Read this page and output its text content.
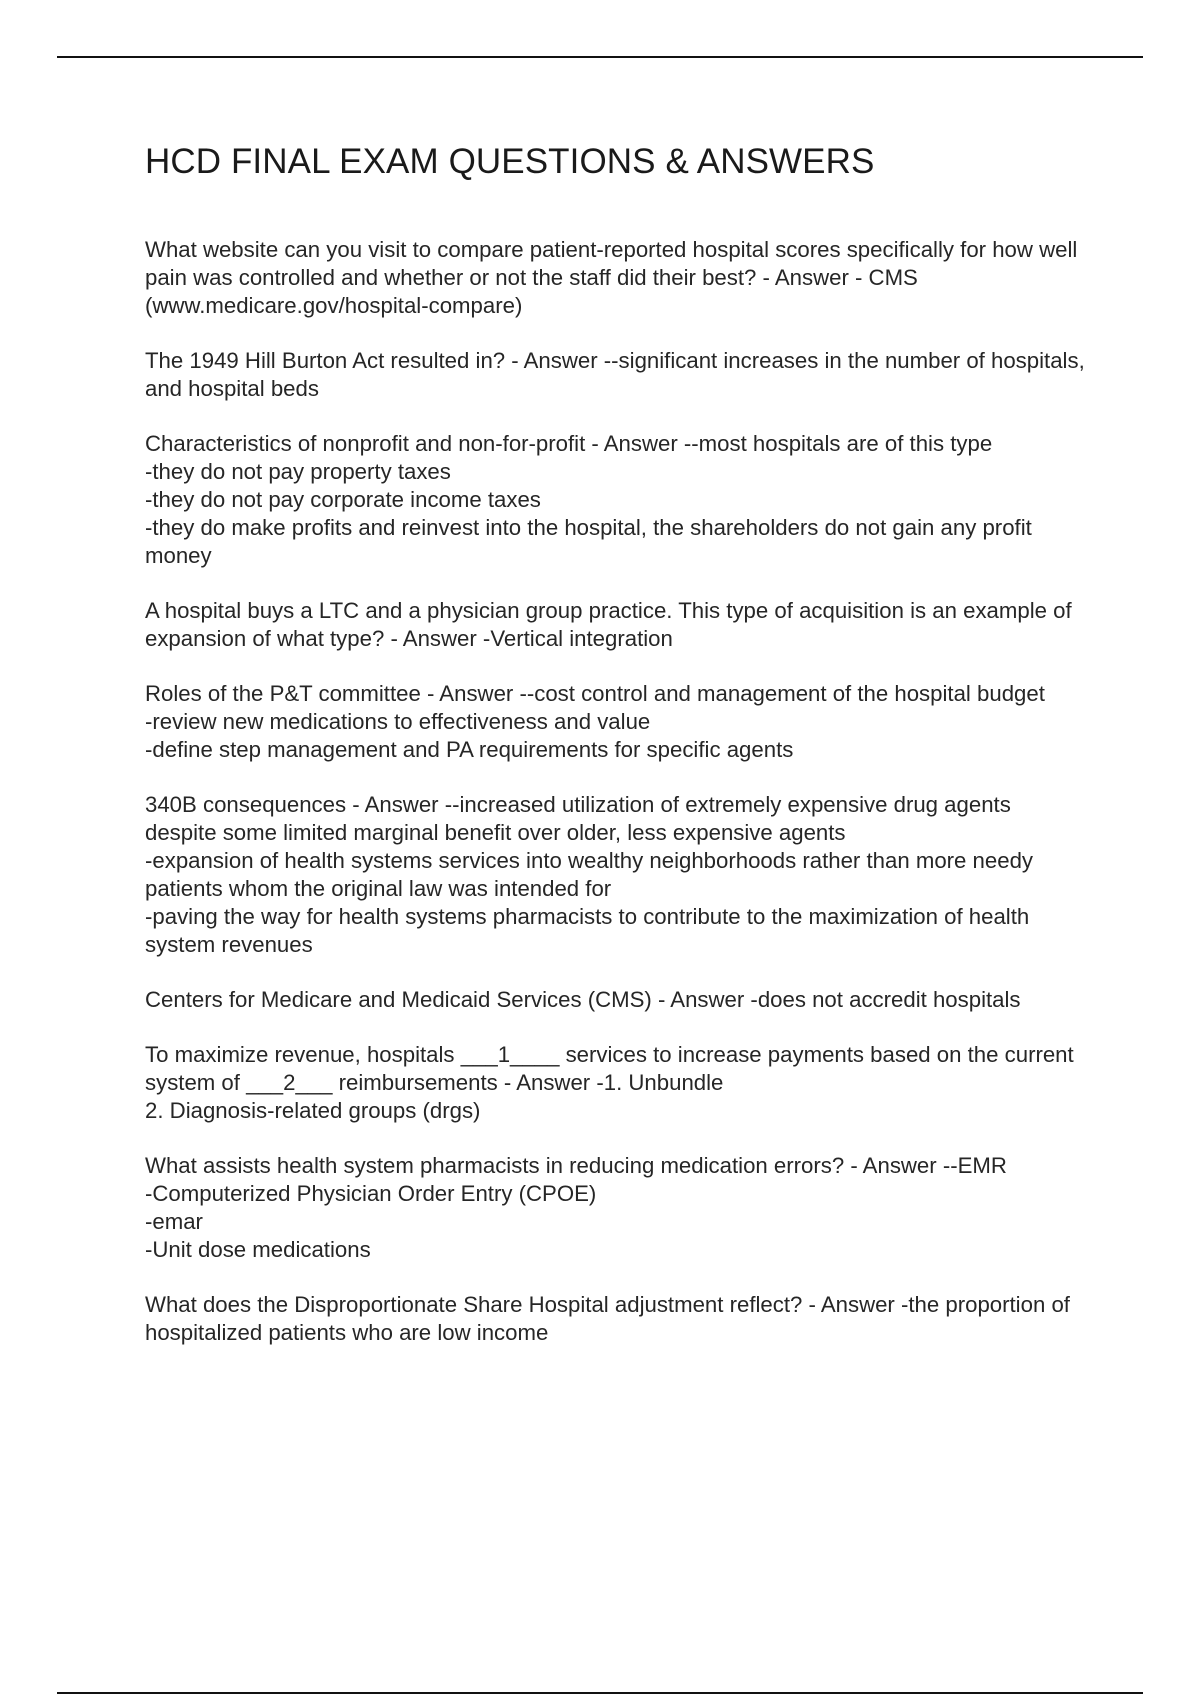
HCD FINAL EXAM QUESTIONS & ANSWERS

What website can you visit to compare patient-reported hospital scores specifically for how well pain was controlled and whether or not the staff did their best? - Answer - CMS (www.medicare.gov/hospital-compare)

The 1949 Hill Burton Act resulted in? - Answer --significant increases in the number of hospitals, and hospital beds

Characteristics of nonprofit and non-for-profit - Answer --most hospitals are of this type
-they do not pay property taxes
-they do not pay corporate income taxes
-they do make profits and reinvest into the hospital, the shareholders do not gain any profit money

A hospital buys a LTC and a physician group practice. This type of acquisition is an example of expansion of what type? - Answer -Vertical integration

Roles of the P&T committee - Answer --cost control and management of the hospital budget
-review new medications to effectiveness and value
-define step management and PA requirements for specific agents

340B consequences - Answer --increased utilization of extremely expensive drug agents despite some limited marginal benefit over older, less expensive agents
-expansion of health systems services into wealthy neighborhoods rather than more needy patients whom the original law was intended for
-paving the way for health systems pharmacists to contribute to the maximization of health system revenues

Centers for Medicare and Medicaid Services (CMS) - Answer -does not accredit hospitals

To maximize revenue, hospitals ___1____ services to increase payments based on the current system of ___2___ reimbursements - Answer -1. Unbundle
2. Diagnosis-related groups (drgs)

What assists health system pharmacists in reducing medication errors? - Answer --EMR
-Computerized Physician Order Entry (CPOE)
-emar
-Unit dose medications

What does the Disproportionate Share Hospital adjustment reflect? - Answer -the proportion of hospitalized patients who are low income
